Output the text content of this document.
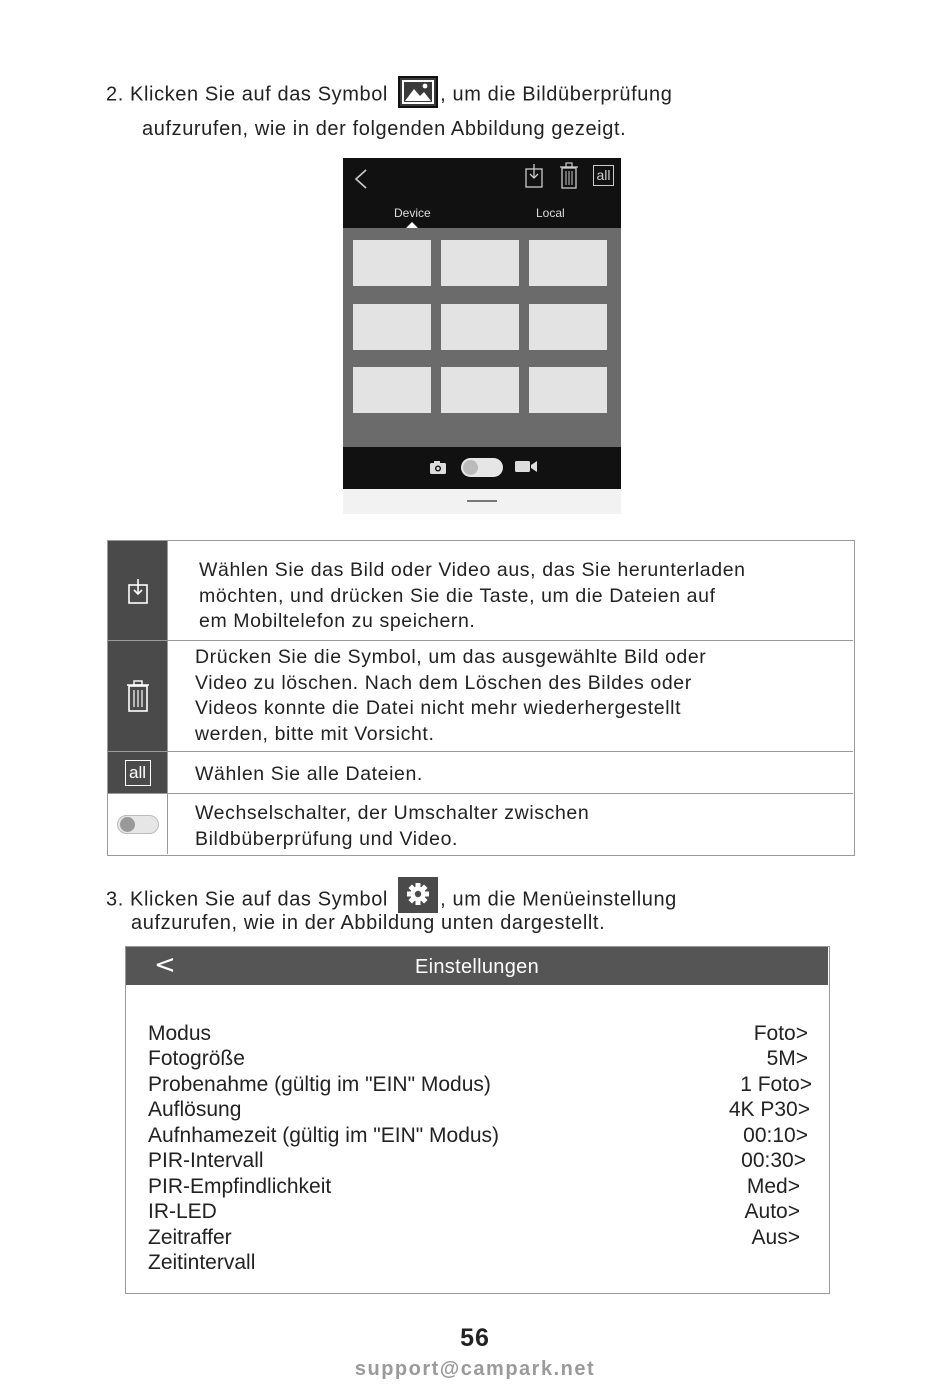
2. Klicken Sie auf das Symbol	, um die Bildüberprüfung
aufzurufen, wie in der folgenden Abbildung gezeigt.
all
Device	Local
Wählen Sie das Bild oder Video aus, das Sie herunterladen
möchten, und drücken Sie die Taste, um die Dateien auf
em Mobiltelefon zu speichern.
Drücken Sie die Symbol, um das ausgewählte Bild oder
Video zu löschen. Nach dem Löschen des Bildes oder
Videos konnte die Datei nicht mehr wiederhergestellt
werden, bitte mit Vorsicht.
all	Wählen Sie alle Dateien.
Wechselschalter, der Umschalter zwischen
Bildbüberprüfung und Video.
3. Klicken Sie auf das Symbol	, um die Menüeinstellung
aufzurufen, wie in der Abbildung unten dargestellt.
<	Einstellungen
Modus	Foto>
Fotogröße	5M>
Probenahme (gültig im "EIN" Modus)	1 Foto>
Auflösung	4K P30>
Aufnhamezeit (gültig im "EIN" Modus)	00:10>
PIR-Intervall	00:30>
PIR-Empfindlichkeit	Med>
IR-LED	Auto>
Zeitraffer	Aus>
Zeitintervall
56
support@campark.net
